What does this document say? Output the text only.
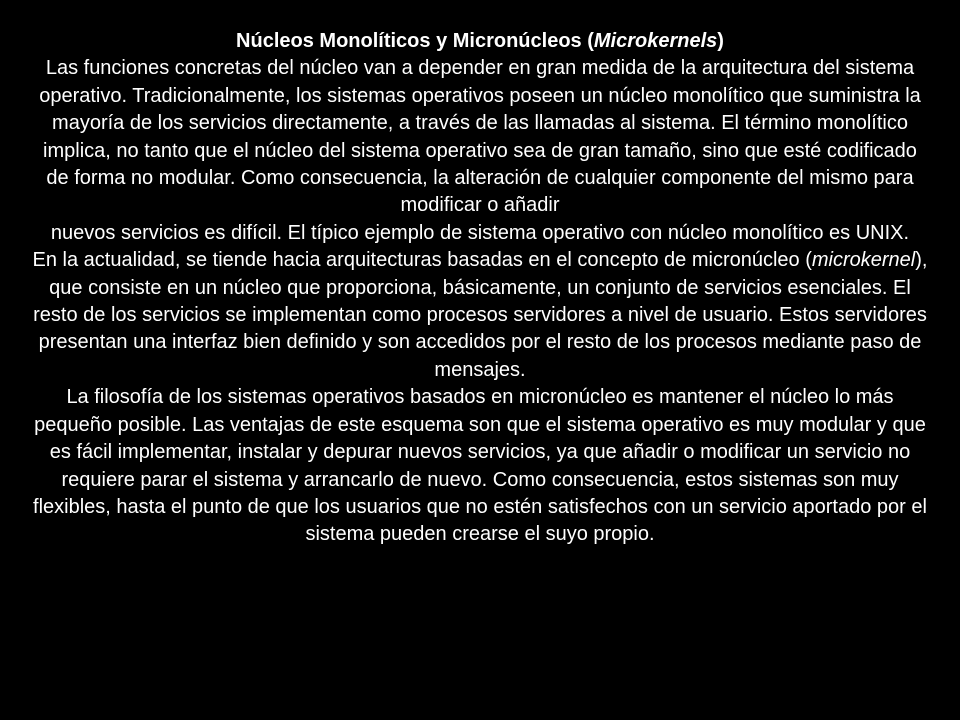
Núcleos Monolíticos y Micronúcleos (Microkernels)

Las funciones concretas del núcleo van a depender en gran medida de la arquitectura del sistema operativo. Tradicionalmente, los sistemas operativos poseen un núcleo monolítico que suministra la mayoría de los servicios directamente, a través de las llamadas al sistema. El término monolítico implica, no tanto que el núcleo del sistema operativo sea de gran tamaño, sino que esté codificado de forma no modular. Como consecuencia, la alteración de cualquier componente del mismo para modificar o añadir
nuevos servicios es difícil. El típico ejemplo de sistema operativo con núcleo monolítico es UNIX.

En la actualidad, se tiende hacia arquitecturas basadas en el concepto de micronúcleo (microkernel), que consiste en un núcleo que proporciona, básicamente, un conjunto de servicios esenciales. El resto de los servicios se implementan como procesos servidores a nivel de usuario. Estos servidores presentan una interfaz bien definido y son accedidos por el resto de los procesos mediante paso de mensajes.

La filosofía de los sistemas operativos basados en micronúcleo es mantener el núcleo lo más pequeño posible. Las ventajas de este esquema son que el sistema operativo es muy modular y que es fácil implementar, instalar y depurar nuevos servicios, ya que añadir o modificar un servicio no requiere parar el sistema y arrancarlo de nuevo. Como consecuencia, estos sistemas son muy flexibles, hasta el punto de que los usuarios que no estén satisfechos con un servicio aportado por el sistema pueden crearse el suyo propio.
